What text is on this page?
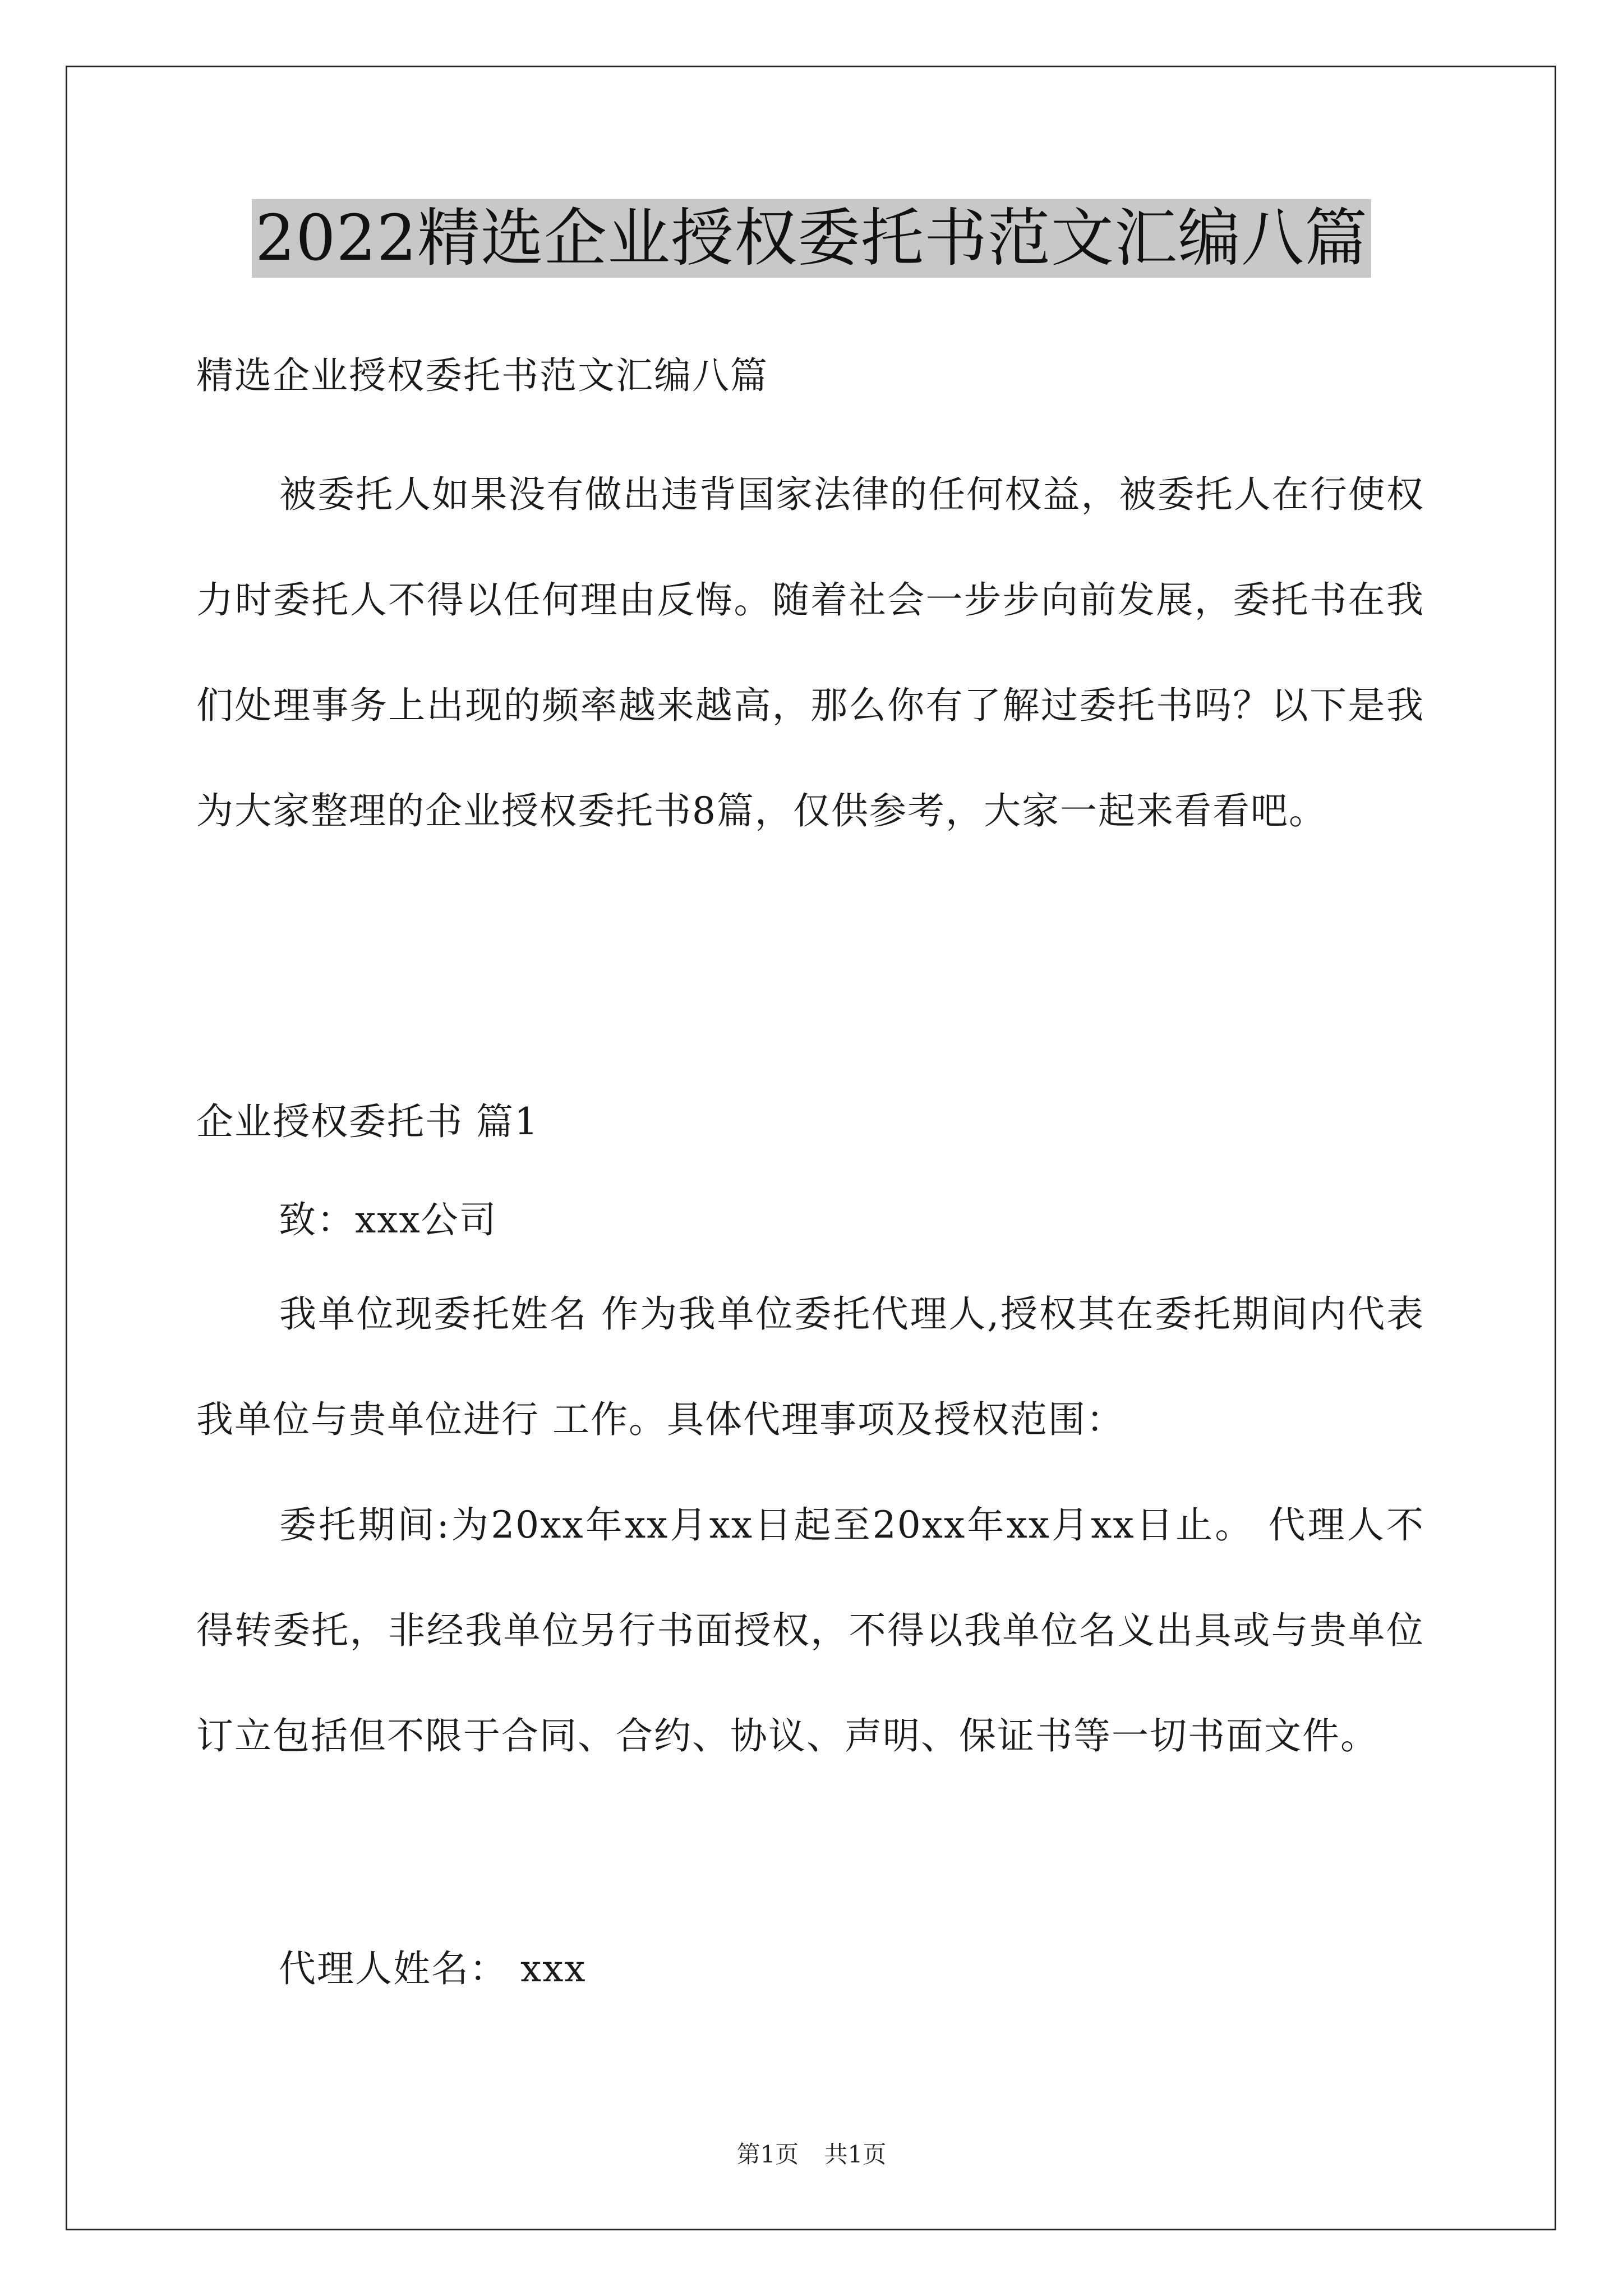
2022精选企业授权委托书范文汇编八篇

精选企业授权委托书范文汇编八篇

被委托人如果没有做出违背国家法律的任何权益，被委托人在行使权力时委托人不得以任何理由反悔。随着社会一步步向前发展，委托书在我们处理事务上出现的频率越来越高，那么你有了解过委托书吗？以下是我为大家整理的企业授权委托书8篇，仅供参考，大家一起来看看吧。

企业授权委托书 篇1

致：xxx公司

我单位现委托姓名 作为我单位委托代理人,授权其在委托期间内代表我单位与贵单位进行 工作。具体代理事项及授权范围：

委托期间:为20xx年xx月xx日起至20xx年xx月xx日止。 代理人不得转委托，非经我单位另行书面授权，不得以我单位名义出具或与贵单位订立包括但不限于合同、合约、协议、声明、保证书等一切书面文件。

代理人姓名： xxx

第1页 共1页
